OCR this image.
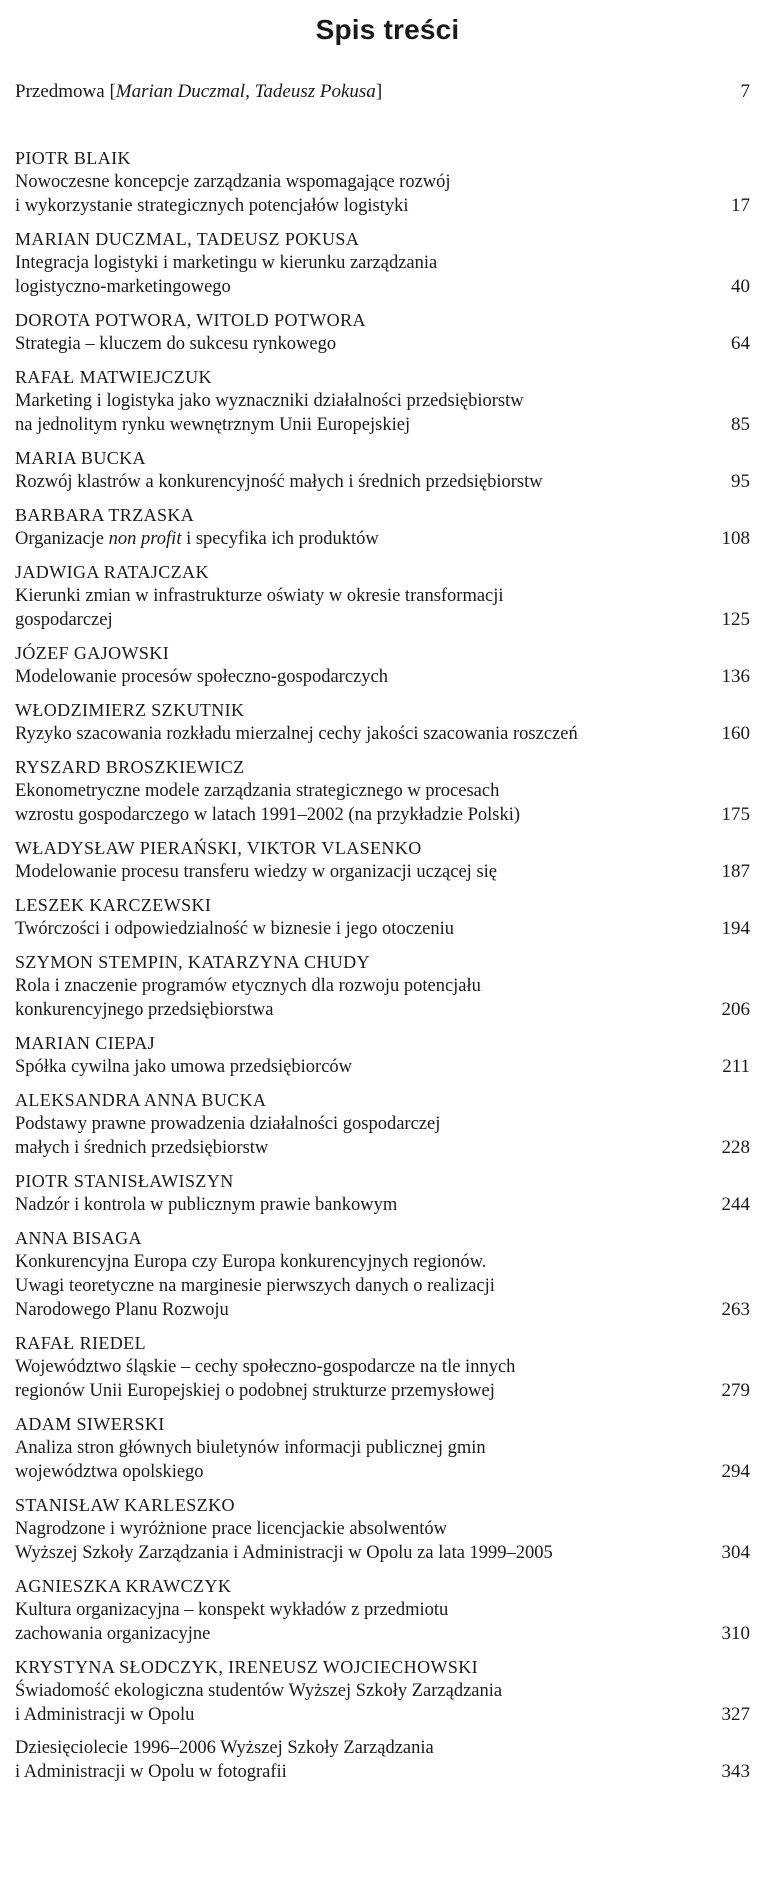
Spis treści
Przedmowa [Marian Duczmal, Tadeusz Pokusa]	7
PIOTR BLAIK
Nowoczesne koncepcje zarządzania wspomagające rozwój
i wykorzystanie strategicznych potencjałów logistyki	17
MARIAN DUCZMAL, TADEUSZ POKUSA
Integracja logistyki i marketingu w kierunku zarządzania
logistyczno-marketingowego	40
DOROTA POTWORA, WITOLD POTWORA
Strategia – kluczem do sukcesu rynkowego	64
RAFAŁ MATWIEJCZUK
Marketing i logistyka jako wyznaczniki działalności przedsiębiorstw
na jednolitym rynku wewnętrznym Unii Europejskiej	85
MARIA BUCKA
Rozwój klastrów a konkurencyjność małych i średnich przedsiębiorstw	95
BARBARA TRZASKA
Organizacje non profit i specyfika ich produktów	108
JADWIGA RATAJCZAK
Kierunki zmian w infrastrukturze oświaty w okresie transformacji
gospodarczej	125
JÓZEF GAJOWSKI
Modelowanie procesów społeczno-gospodarczych	136
WŁODZIMIERZ SZKUTNIK
Ryzyko szacowania rozkładu mierzalnej cechy jakości szacowania roszczeń	160
RYSZARD BROSZKIEWICZ
Ekonometryczne modele zarządzania strategicznego w procesach
wzrostu gospodarczego w latach 1991–2002 (na przykładzie Polski)	175
WŁADYSŁAW PIERAŃSKI, VIKTOR VLASENKO
Modelowanie procesu transferu wiedzy w organizacji uczącej się	187
LESZEK KARCZEWSKI
Twórczości i odpowiedzialność w biznesie i jego otoczeniu	194
SZYMON STEMPIN, KATARZYNA CHUDY
Rola i znaczenie programów etycznych dla rozwoju potencjału
konkurencyjnego przedsiębiorstwa	206
MARIAN CIEPAJ
Spółka cywilna jako umowa przedsiębiorców	211
ALEKSANDRA ANNA BUCKA
Podstawy prawne prowadzenia działalności gospodarczej
małych i średnich przedsiębiorstw	228
PIOTR STANISŁAWISZYN
Nadzór i kontrola w publicznym prawie bankowym	244
ANNA BISAGA
Konkurencyjna Europa czy Europa konkurencyjnych regionów.
Uwagi teoretyczne na marginesie pierwszych danych o realizacji
Narodowego Planu Rozwoju	263
RAFAŁ RIEDEL
Województwo śląskie – cechy społeczno-gospodarcze na tle innych
regionów Unii Europejskiej o podobnej strukturze przemysłowej	279
ADAM SIWERSKI
Analiza stron głównych biuletynów informacji publicznej gmin
województwa opolskiego	294
STANISŁAW KARLESZKO
Nagrodzone i wyróżnione prace licencjackie absolwentów
Wyższej Szkoły Zarządzania i Administracji w Opolu za lata 1999–2005	304
AGNIESZKA KRAWCZYK
Kultura organizacyjna – konspekt wykładów z przedmiotu
zachowania organizacyjne	310
KRYSTYNA SŁODCZYK, IRENEUSZ WOJCIECHOWSKI
Świadomość ekologiczna studentów Wyższej Szkoły Zarządzania
i Administracji w Opolu	327
Dziesięciolecie 1996–2006 Wyższej Szkoły Zarządzania
i Administracji w Opolu w fotografii	343
